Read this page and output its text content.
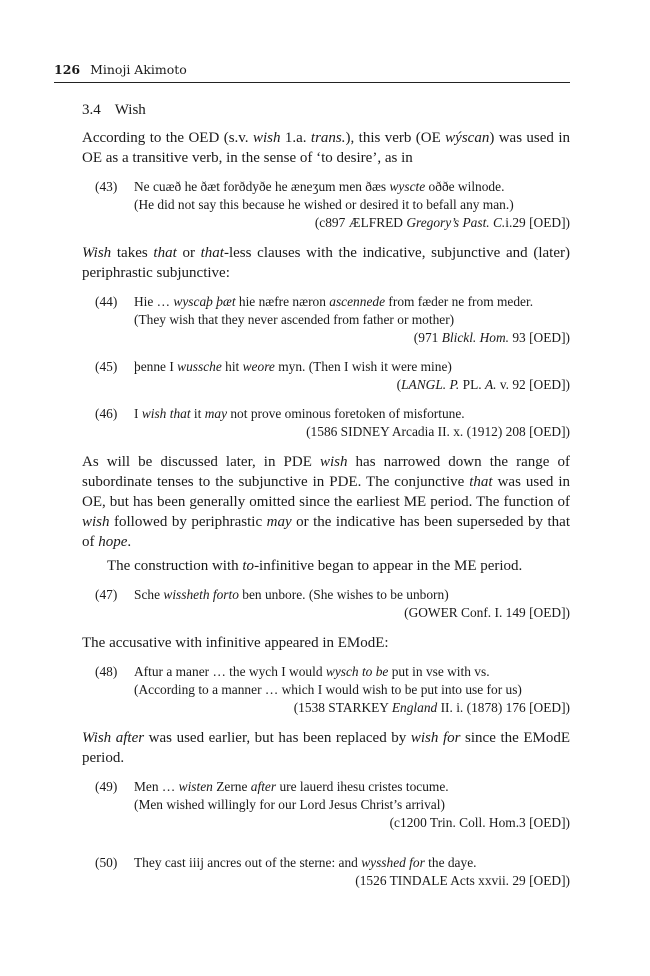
126 Minoji Akimoto
3.4 Wish

According to the OED (s.v. wish 1.a. trans.), this verb (OE wýscan) was used in OE as a transitive verb, in the sense of ‘to desire’, as in

(43)	Ne cuæð he ðæt forðdyðe he æneʒum men ðæs wyscte oððe wilnode.
(He did not say this because he wished or desired it to befall any man.)
(c897 ÆLFRED Gregory’s Past. C.i.29 [OED])

Wish takes that or that-less clauses with the indicative, subjunctive and (later) periphrastic subjunctive:

(44)	Hie … wyscaþ þæt hie næfre næron ascennede from fæder ne from meder.
(They wish that they never ascended from father or mother)
(971 Blickl. Hom. 93 [OED])
(45)	þenne I wussche hit weore myn. (Then I wish it were mine)
(LANGL. P. PL. A. v. 92 [OED])
(46)	I wish that it may not prove ominous foretoken of misfortune.
(1586 SIDNEY Arcadia II. x. (1912) 208 [OED])

As will be discussed later, in PDE wish has narrowed down the range of subordinate tenses to the subjunctive in PDE. The conjunctive that was used in OE, but has been generally omitted since the earliest ME period. The function of wish followed by periphrastic may or the indicative has been superseded by that of hope.

The construction with to-infinitive began to appear in the ME period.

(47)	Sche wissheth forto ben unbore. (She wishes to be unborn)
(GOWER Conf. I. 149 [OED])

The accusative with infinitive appeared in EModE:

(48)	Aftur a maner … the wych I would wysch to be put in vse with vs.
(According to a manner … which I would wish to be put into use for us)
(1538 STARKEY England II. i. (1878) 176 [OED])

Wish after was used earlier, but has been replaced by wish for since the EModE period.

(49)	Men … wisten Zerne after ure lauerd ihesu cristes tocume.
(Men wished willingly for our Lord Jesus Christ’s arrival)
(c1200 Trin. Coll. Hom.3 [OED])
(50)	They cast iiij ancres out of the sterne: and wysshed for the daye.
(1526 TINDALE Acts xxvii. 29 [OED])
